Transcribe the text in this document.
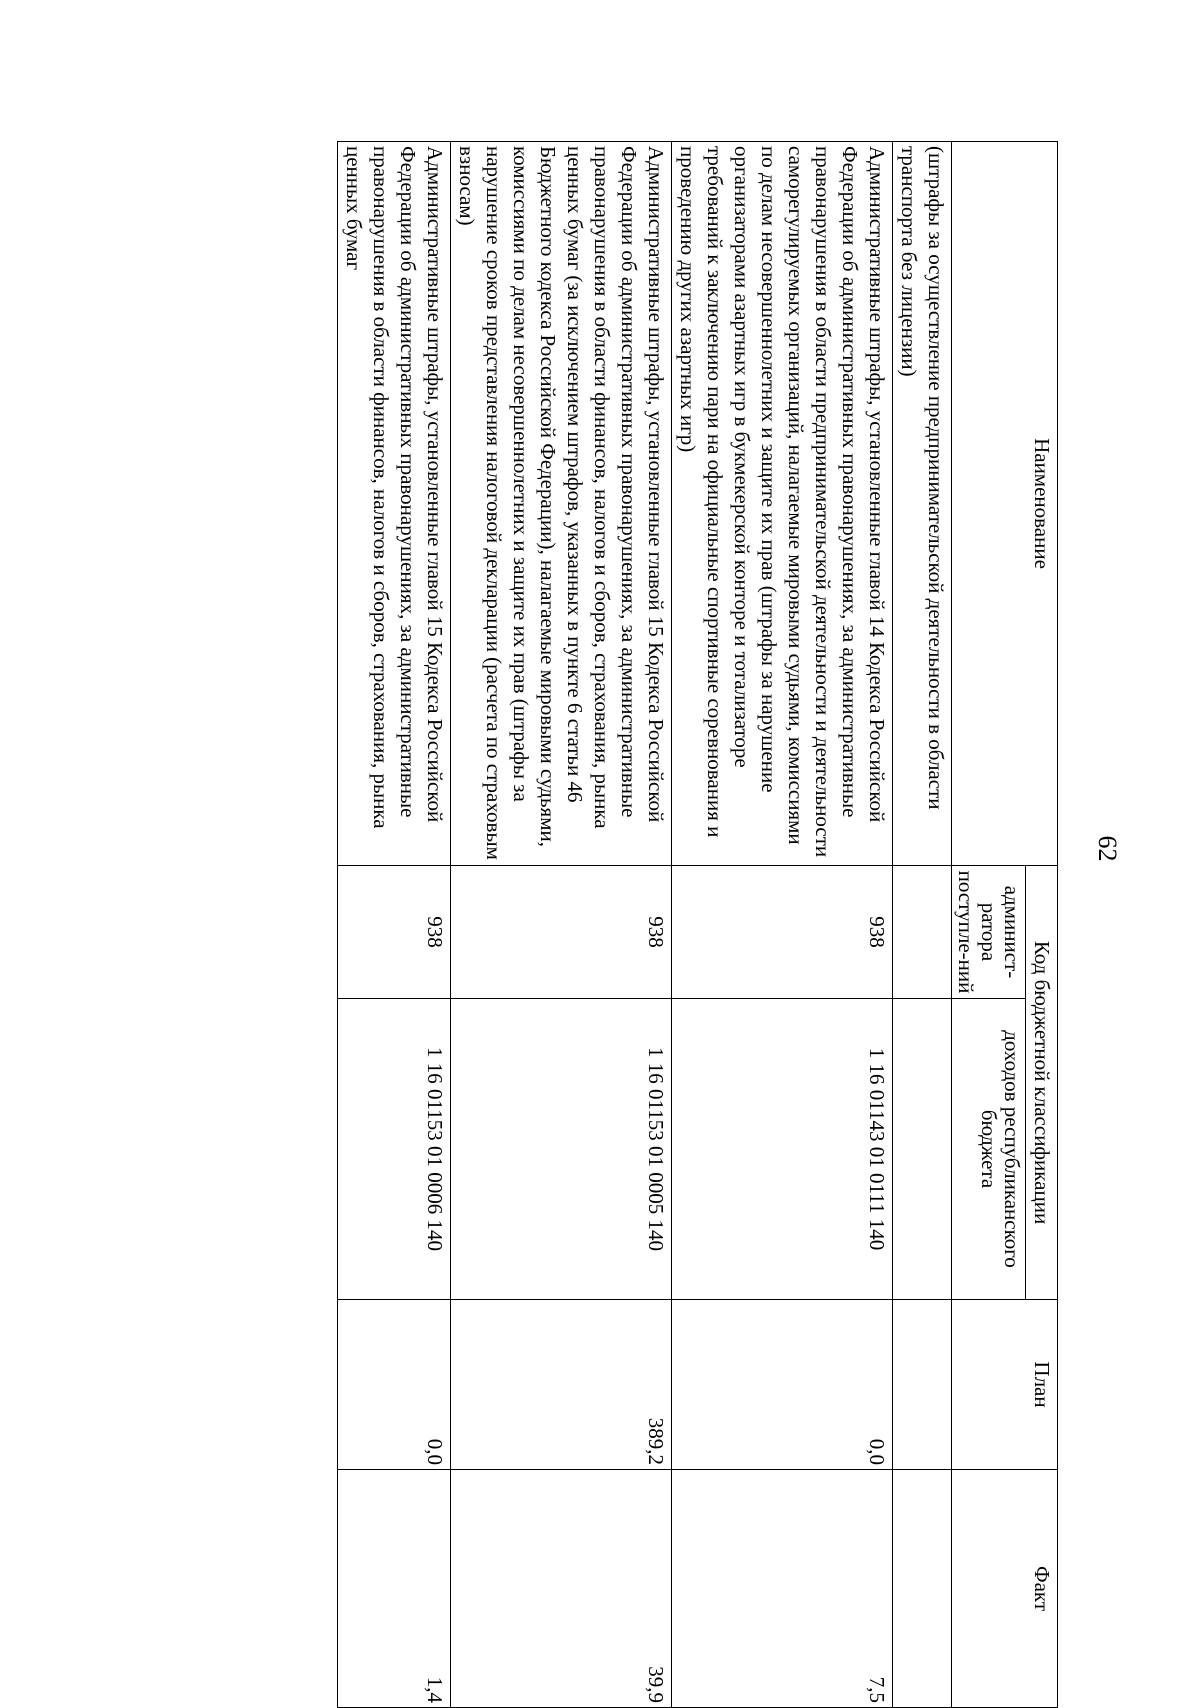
62
Наименование	Код бюджетной классификации		План	Факт
	админист-ратора поступле-ний	доходов республиканского бюджета		
(штрафы за осуществление предпринимательской деятельности в области транспорта без лицензии)				
Административные штрафы, установленные главой 14 Кодекса Российской Федерации об административных правонарушениях, за административные правонарушения в области предпринимательской деятельности и деятельности саморегулируемых организаций, налагаемые мировыми судьями, комиссиями по делам несовершеннолетних и защите их прав (штрафы за нарушение организаторами азартных игр в букмекерской конторе и тотализаторе требований к заключению пари на официальные спортивные соревнования и проведению других азартных игр)	938	1 16 01143 01 0111 140	0,0	7,5
Административные штрафы, установленные главой 15 Кодекса Российской Федерации об административных правонарушениях, за административные правонарушения в области финансов, налогов и сборов, страхования, рынка ценных бумаг (за исключением штрафов, указанных в пункте 6 статьи 46 Бюджетного кодекса Российской Федерации), налагаемые мировыми судьями, комиссиями по делам несовершеннолетних и защите их прав (штрафы за нарушение сроков представления налоговой декларации (расчета по страховым взносам)	938	1 16 01153 01 0005 140	389,2	39,9
Административные штрафы, установленные главой 15 Кодекса Российской Федерации об административных правонарушениях, за административные правонарушения в области финансов, налогов и сборов, страхования, рынка ценных бумаг	938	1 16 01153 01 0006 140	0,0	1,4
